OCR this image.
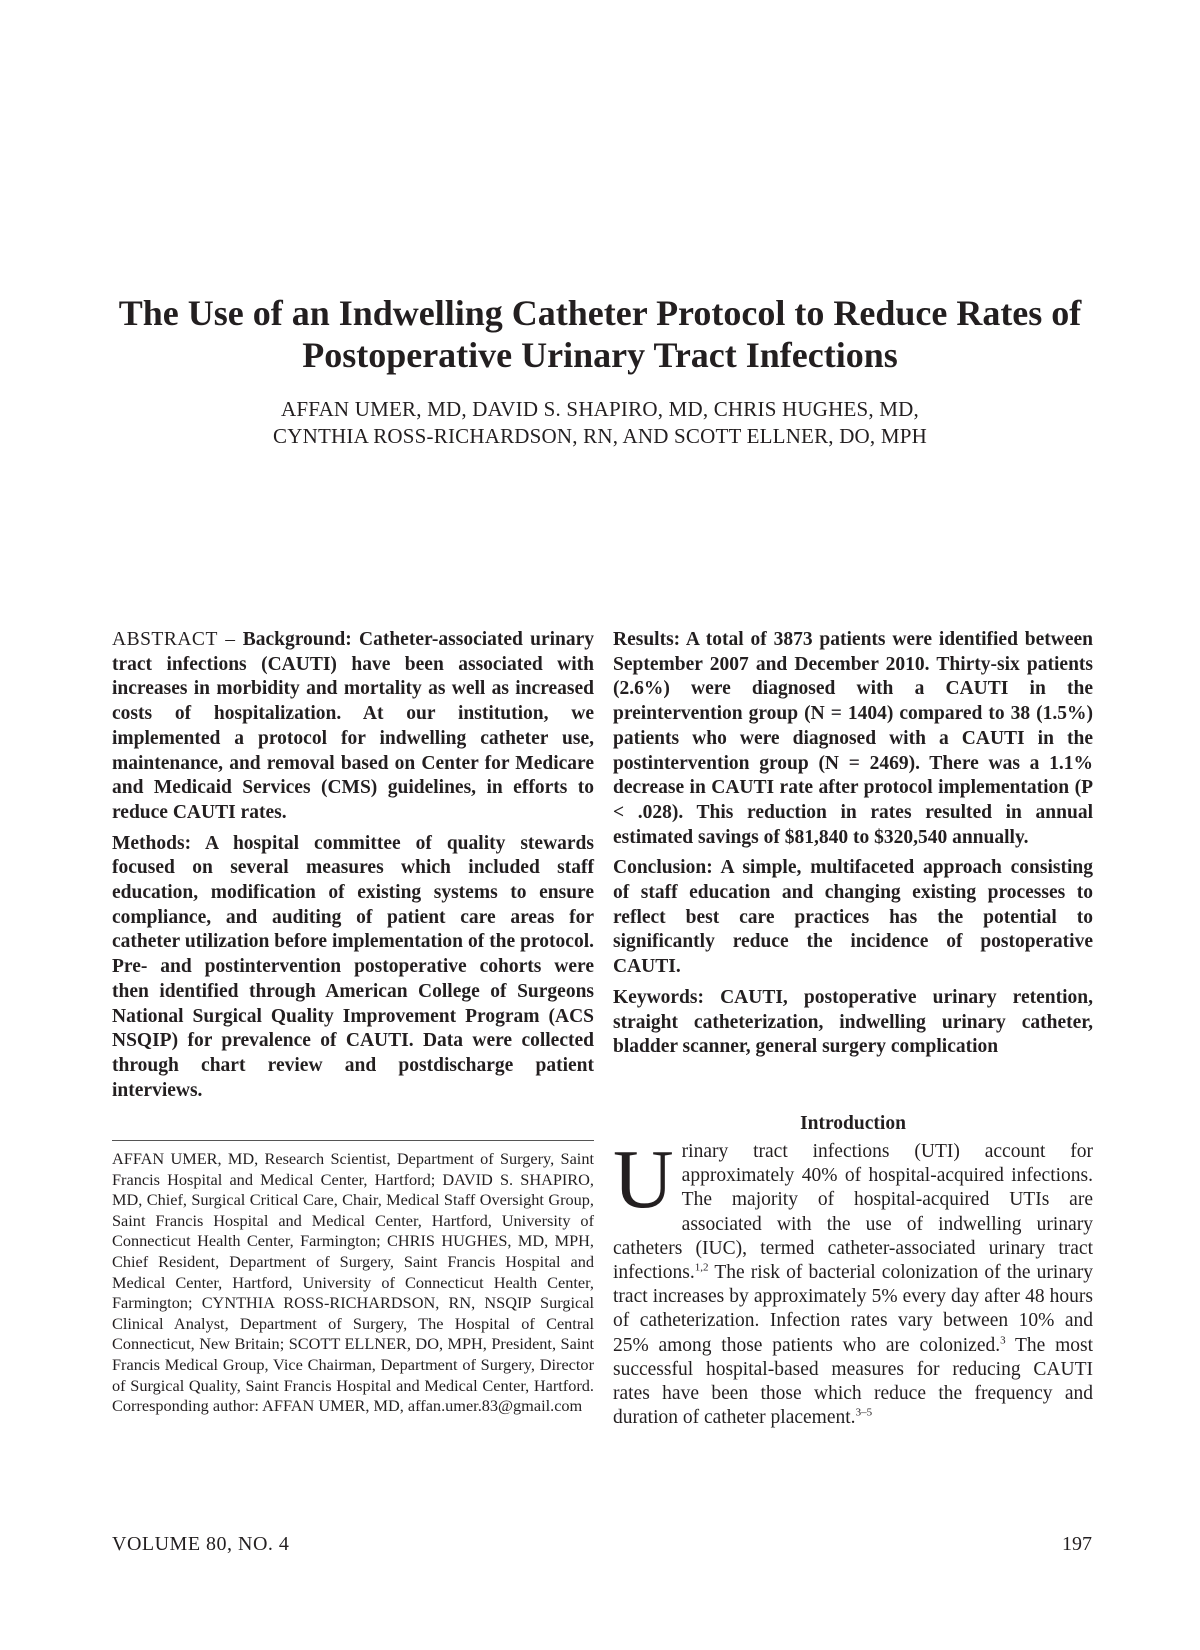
The Use of an Indwelling Catheter Protocol to Reduce Rates of Postoperative Urinary Tract Infections
AFFAN UMER, MD, DAVID S. SHAPIRO, MD, CHRIS HUGHES, MD,
CYNTHIA ROSS-RICHARDSON, RN, AND SCOTT ELLNER, DO, MPH

ABSTRACT – Background: Catheter-associated urinary tract infections (CAUTI) have been associated with increases in morbidity and mortality as well as increased costs of hospitalization. At our institution, we implemented a protocol for indwelling catheter use, maintenance, and removal based on Center for Medicare and Medicaid Services (CMS) guidelines, in efforts to reduce CAUTI rates.

Methods: A hospital committee of quality stewards focused on several measures which included staff education, modification of existing systems to ensure compliance, and auditing of patient care areas for catheter utilization before implementation of the protocol. Pre- and postintervention postoperative cohorts were then identified through American College of Surgeons National Surgical Quality Improvement Program (ACS NSQIP) for prevalence of CAUTI. Data were collected through chart review and postdischarge patient interviews.

AFFAN UMER, MD, Research Scientist, Department of Surgery, Saint Francis Hospital and Medical Center, Hartford; DAVID S. SHAPIRO, MD, Chief, Surgical Critical Care, Chair, Medical Staff Oversight Group, Saint Francis Hospital and Medical Center, Hartford, University of Connecticut Health Center, Farmington; CHRIS HUGHES, MD, MPH, Chief Resident, Department of Surgery, Saint Francis Hospital and Medical Center, Hartford, University of Connecticut Health Center, Farmington; CYNTHIA ROSS-RICHARDSON, RN, NSQIP Surgical Clinical Analyst, Department of Surgery, The Hospital of Central Connecticut, New Britain; SCOTT ELLNER, DO, MPH, President, Saint Francis Medical Group, Vice Chairman, Department of Surgery, Director of Surgical Quality, Saint Francis Hospital and Medical Center, Hartford. Corresponding author: AFFAN UMER, MD, affan.umer.83@gmail.com

Results: A total of 3873 patients were identified between September 2007 and December 2010. Thirty-six patients (2.6%) were diagnosed with a CAUTI in the preintervention group (N = 1404) compared to 38 (1.5%) patients who were diagnosed with a CAUTI in the postintervention group (N = 2469). There was a 1.1% decrease in CAUTI rate after protocol implementation (P < .028). This reduction in rates resulted in annual estimated savings of $81,840 to $320,540 annually.

Conclusion: A simple, multifaceted approach consisting of staff education and changing existing processes to reflect best care practices has the potential to significantly reduce the incidence of postoperative CAUTI.

Keywords: CAUTI, postoperative urinary retention, straight catheterization, indwelling urinary catheter, bladder scanner, general surgery complication

Introduction

Urinary tract infections (UTI) account for approximately 40% of hospital-acquired infections. The majority of hospital-acquired UTIs are associated with the use of indwelling urinary catheters (IUC), termed catheter-associated urinary tract infections.$^{1,2}$ The risk of bacterial colonization of the urinary tract increases by approximately 5% every day after 48 hours of catheterization. Infection rates vary between 10% and 25% among those patients who are colonized.$^3$ The most successful hospital-based measures for reducing CAUTI rates have been those which reduce the frequency and duration of catheter placement.$^{3-5}$

VOLUME 80, NO. 4	197
